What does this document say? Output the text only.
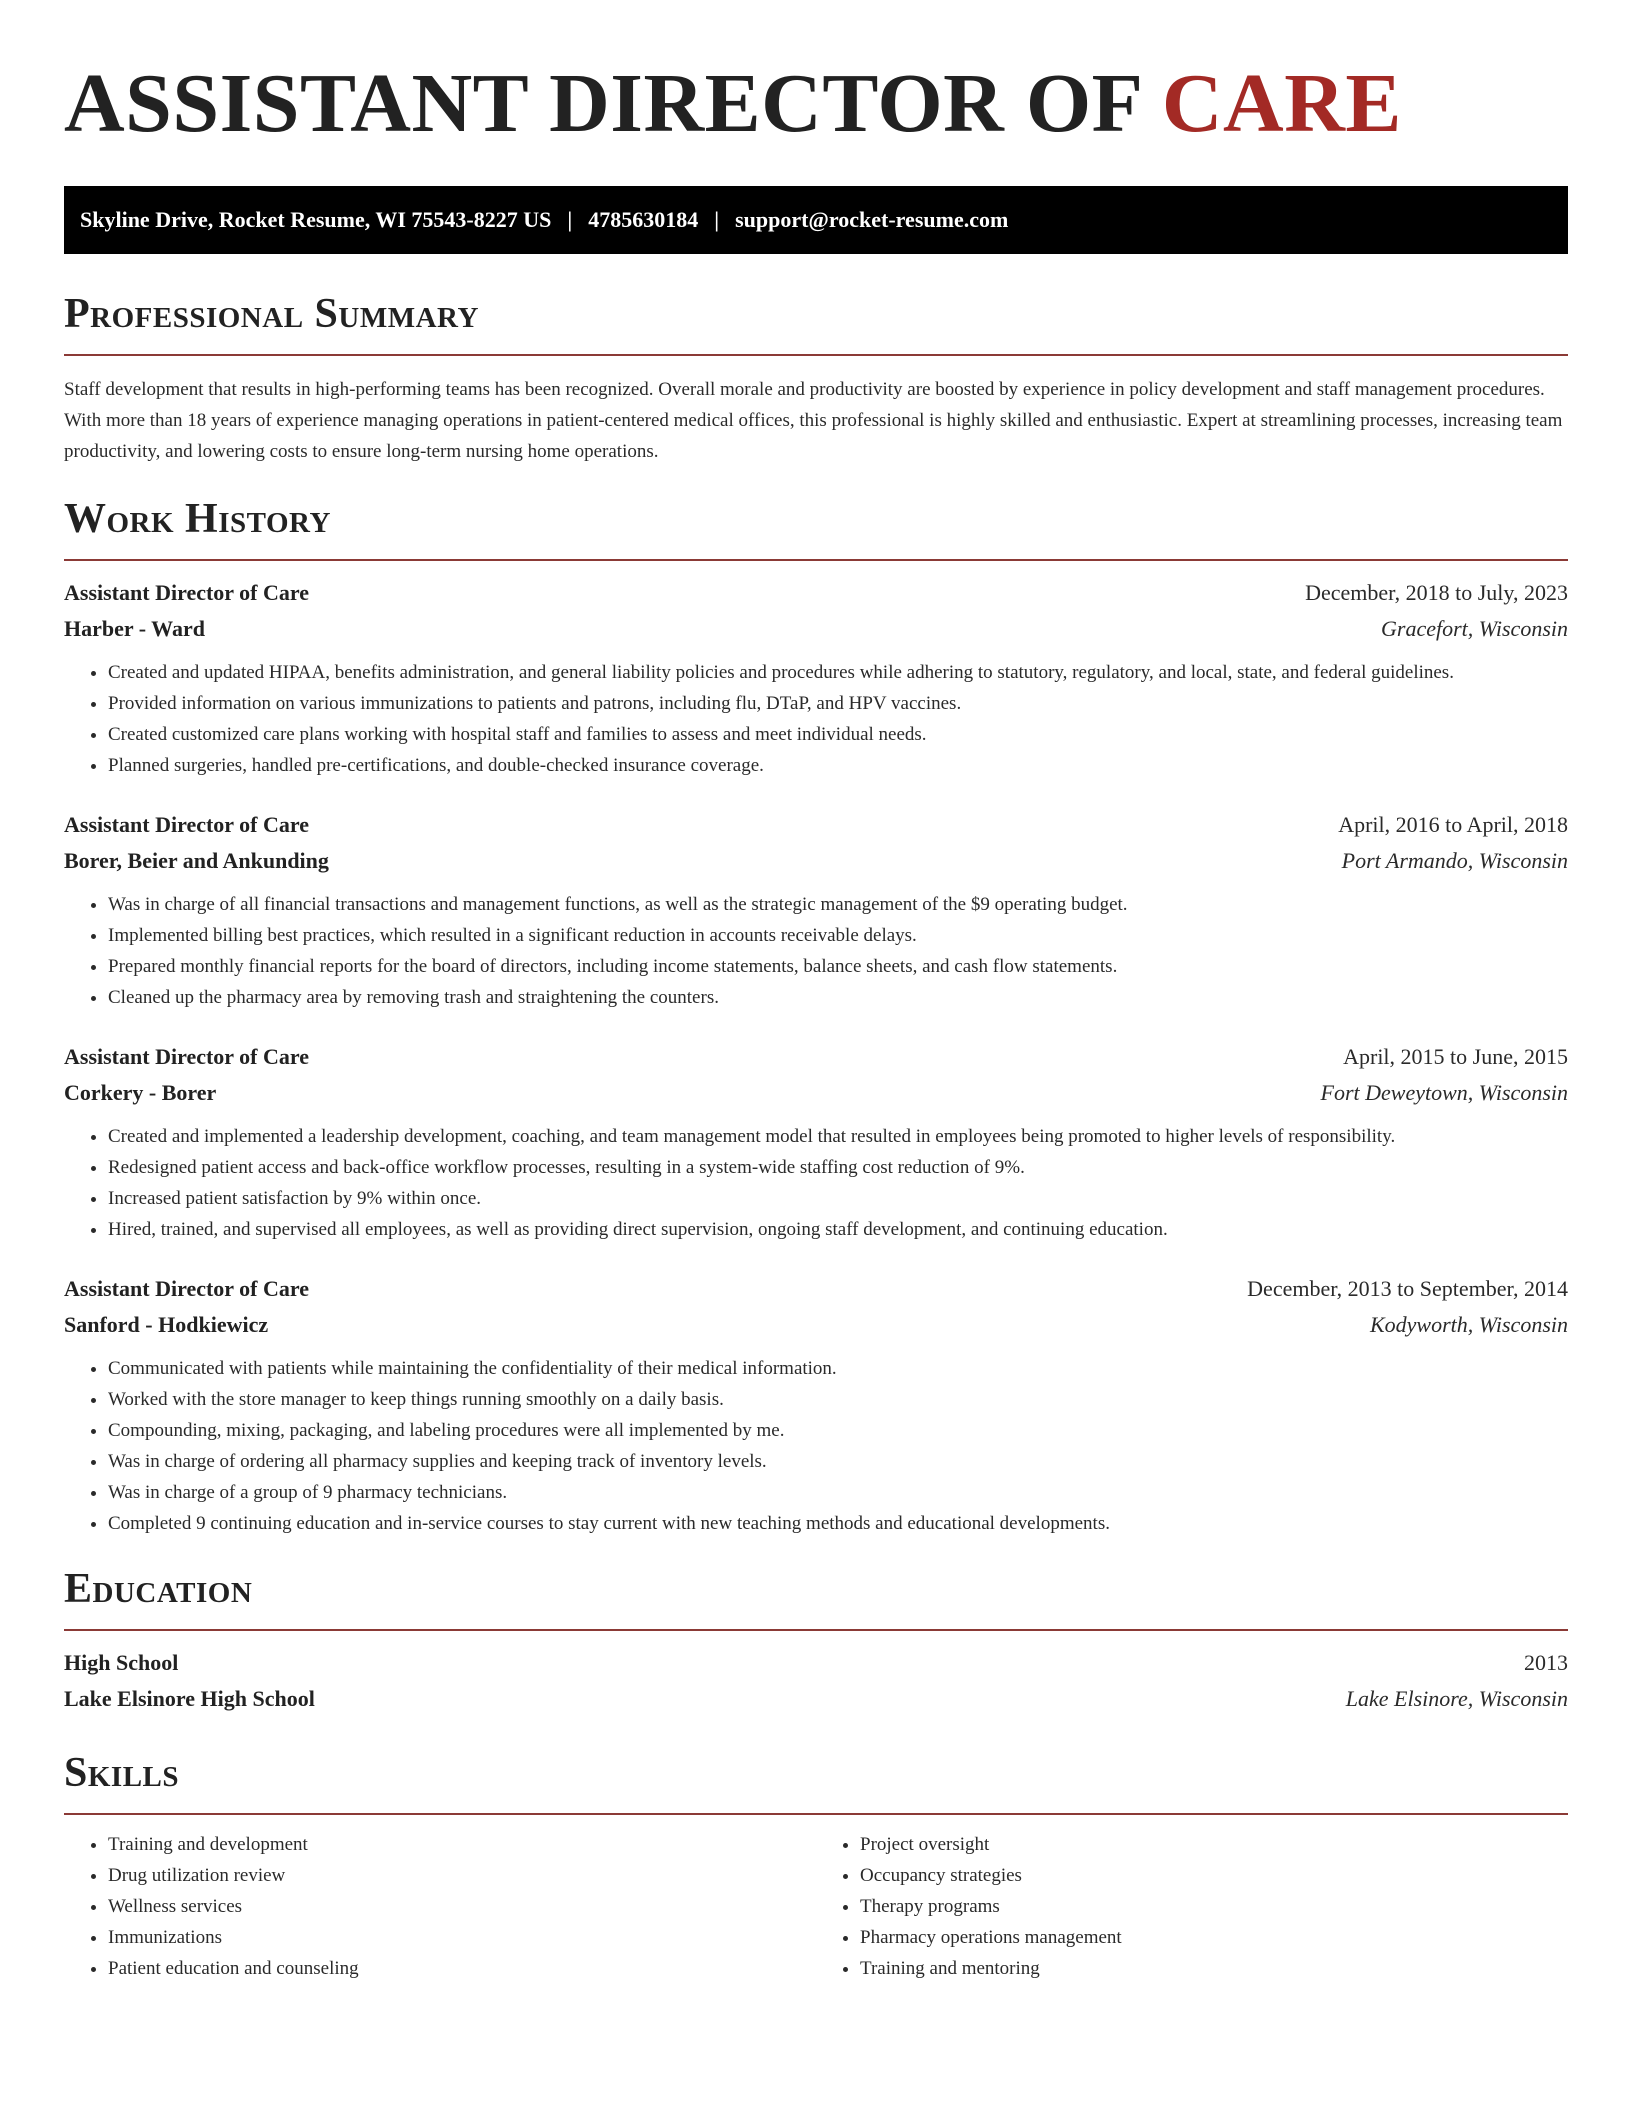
ASSISTANT DIRECTOR OF CARE
Skyline Drive, Rocket Resume, WI 75543-8227 US | 4785630184 | support@rocket-resume.com
Professional Summary

Staff development that results in high-performing teams has been recognized. Overall morale and productivity are boosted by experience in policy development and staff management procedures. With more than 18 years of experience managing operations in patient-centered medical offices, this professional is highly skilled and enthusiastic. Expert at streamlining processes, increasing team productivity, and lowering costs to ensure long-term nursing home operations.

Work History
Assistant Director of Care	December, 2018 to July, 2023
Harber - Ward	Gracefort, Wisconsin
• Created and updated HIPAA, benefits administration, and general liability policies and procedures while adhering to statutory, regulatory, and local, state, and federal guidelines.
• Provided information on various immunizations to patients and patrons, including flu, DTaP, and HPV vaccines.
• Created customized care plans working with hospital staff and families to assess and meet individual needs.
• Planned surgeries, handled pre-certifications, and double-checked insurance coverage.
Assistant Director of Care	April, 2016 to April, 2018
Borer, Beier and Ankunding	Port Armando, Wisconsin
• Was in charge of all financial transactions and management functions, as well as the strategic management of the $9 operating budget.
• Implemented billing best practices, which resulted in a significant reduction in accounts receivable delays.
• Prepared monthly financial reports for the board of directors, including income statements, balance sheets, and cash flow statements.
• Cleaned up the pharmacy area by removing trash and straightening the counters.
Assistant Director of Care	April, 2015 to June, 2015
Corkery - Borer	Fort Deweytown, Wisconsin
• Created and implemented a leadership development, coaching, and team management model that resulted in employees being promoted to higher levels of responsibility.
• Redesigned patient access and back-office workflow processes, resulting in a system-wide staffing cost reduction of 9%.
• Increased patient satisfaction by 9% within once.
• Hired, trained, and supervised all employees, as well as providing direct supervision, ongoing staff development, and continuing education.
Assistant Director of Care	December, 2013 to September, 2014
Sanford - Hodkiewicz	Kodyworth, Wisconsin
• Communicated with patients while maintaining the confidentiality of their medical information.
• Worked with the store manager to keep things running smoothly on a daily basis.
• Compounding, mixing, packaging, and labeling procedures were all implemented by me.
• Was in charge of ordering all pharmacy supplies and keeping track of inventory levels.
• Was in charge of a group of 9 pharmacy technicians.
• Completed 9 continuing education and in-service courses to stay current with new teaching methods and educational developments.
Education
High School	2013
Lake Elsinore High School	Lake Elsinore, Wisconsin
Skills
• Training and development
• Drug utilization review
• Wellness services
• Immunizations
• Patient education and counseling
• Project oversight
• Occupancy strategies
• Therapy programs
• Pharmacy operations management
• Training and mentoring
